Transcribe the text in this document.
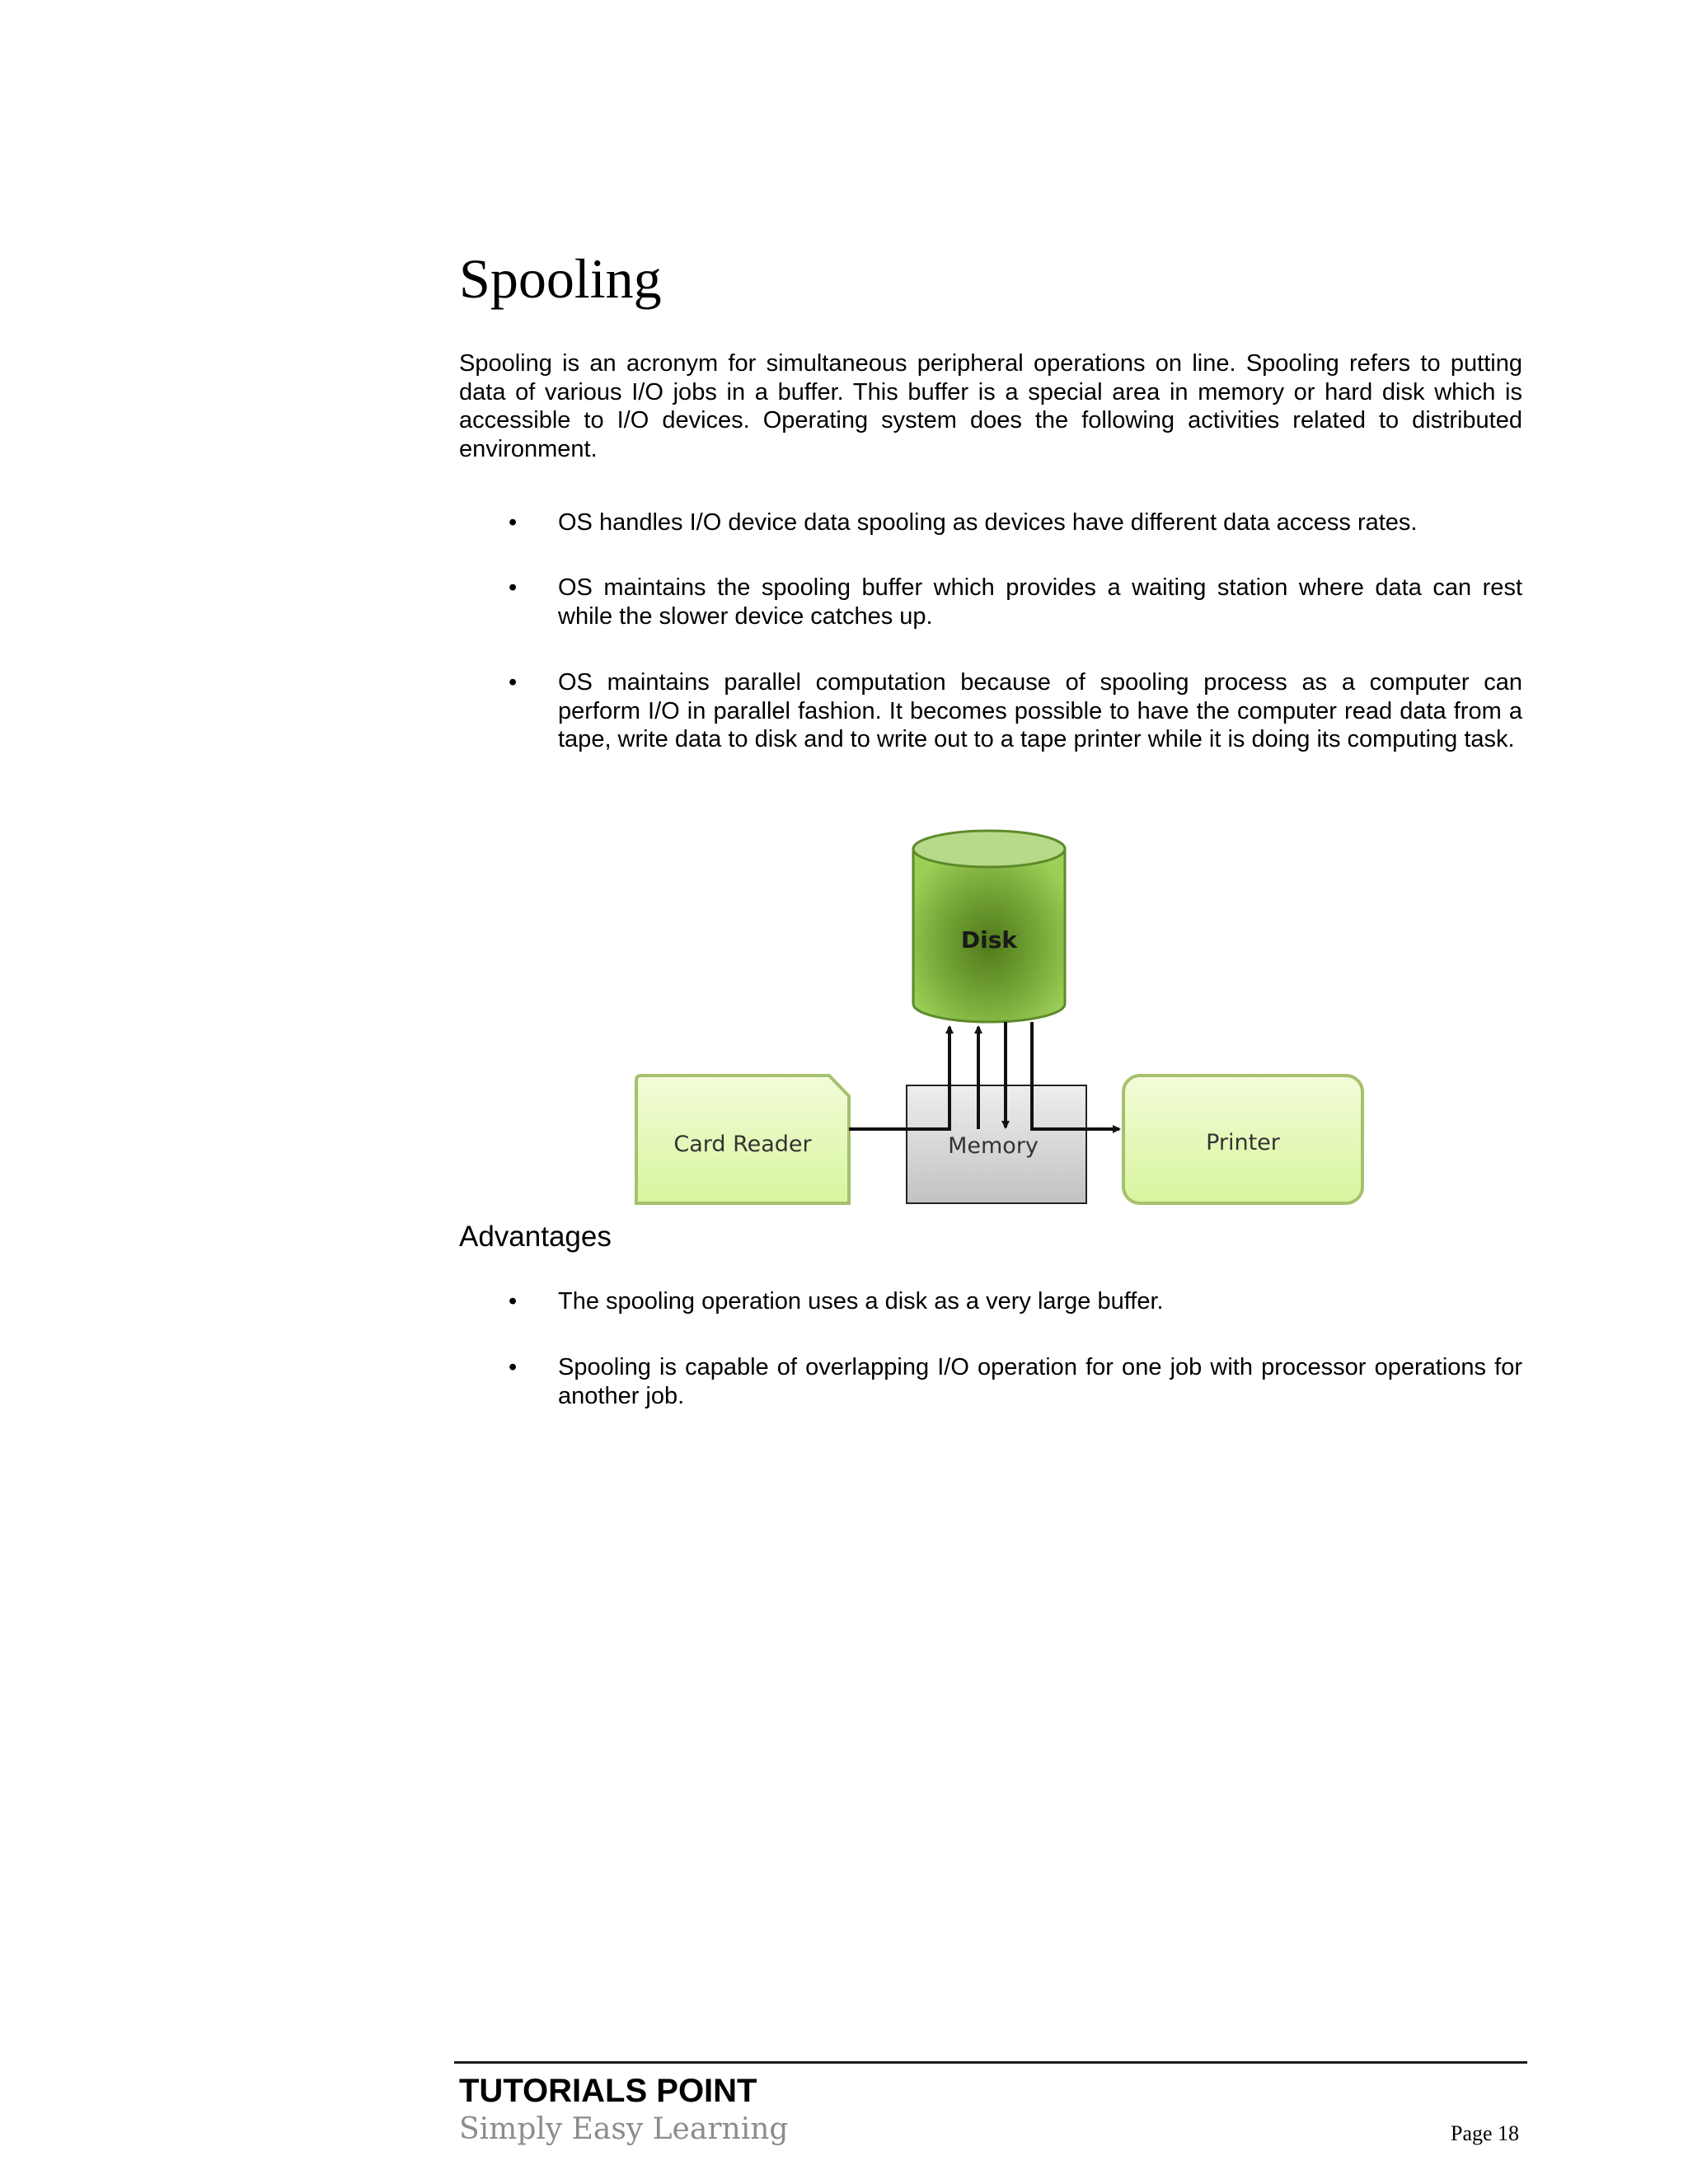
Spooling

Spooling is an acronym for simultaneous peripheral operations on line. Spooling refers to putting data of various I/O jobs in a buffer. This buffer is a special area in memory or hard disk which is accessible to I/O devices. Operating system does the following activities related to distributed environment.

• OS handles I/O device data spooling as devices have different data access rates.

• OS maintains the spooling buffer which provides a waiting station where data can rest while the slower device catches up.

• OS maintains parallel computation because of spooling process as a computer can perform I/O in parallel fashion. It becomes possible to have the computer read data from a tape, write data to disk and to write out to a tape printer while it is doing its computing task.

Disk
Card Reader	Memory	Printer
Advantages
• The spooling operation uses a disk as a very large buffer.

• Spooling is capable of overlapping I/O operation for one job with processor operations for another job.

TUTORIALS POINT
Simply Easy Learning	Page 18
